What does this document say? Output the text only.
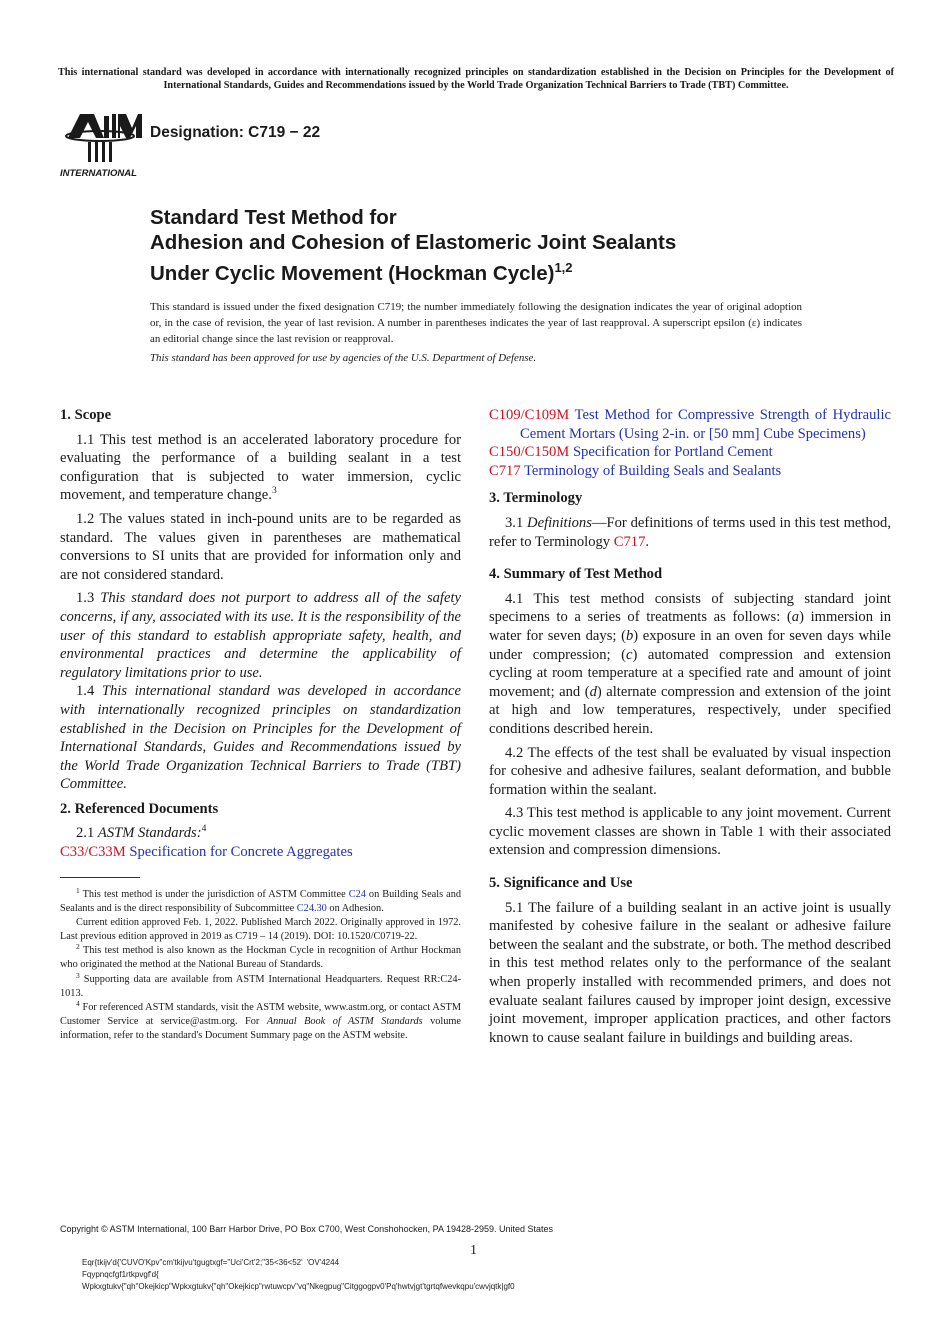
This international standard was developed in accordance with internationally recognized principles on standardization established in the Decision on Principles for the Development of International Standards, Guides and Recommendations issued by the World Trade Organization Technical Barriers to Trade (TBT) Committee.
INTERNATIONAL
Designation: C719 − 22
Standard Test Method for
Adhesion and Cohesion of Elastomeric Joint Sealants
Under Cyclic Movement (Hockman Cycle)$^{1,2}$
This standard is issued under the fixed designation C719; the number immediately following the designation indicates the year of original adoption or, in the case of revision, the year of last revision. A number in parentheses indicates the year of last reapproval. A superscript epsilon (ε) indicates an editorial change since the last revision or reapproval.
This standard has been approved for use by agencies of the U.S. Department of Defense.
1. Scope

1.1 This test method is an accelerated laboratory procedure for evaluating the performance of a building sealant in a test configuration that is subjected to water immersion, cyclic movement, and temperature change.$^3$

1.2 The values stated in inch-pound units are to be regarded as standard. The values given in parentheses are mathematical conversions to SI units that are provided for information only and are not considered standard.

1.3 This standard does not purport to address all of the safety concerns, if any, associated with its use. It is the responsibility of the user of this standard to establish appropriate safety, health, and environmental practices and determine the applicability of regulatory limitations prior to use.

1.4 This international standard was developed in accordance with internationally recognized principles on standardization established in the Decision on Principles for the Development of International Standards, Guides and Recommendations issued by the World Trade Organization Technical Barriers to Trade (TBT) Committee.

2. Referenced Documents

2.1 ASTM Standards:$^4$

C33/C33M Specification for Concrete Aggregates

$^1$ This test method is under the jurisdiction of ASTM Committee C24 on Building Seals and Sealants and is the direct responsibility of Subcommittee C24.30 on Adhesion.

Current edition approved Feb. 1, 2022. Published March 2022. Originally approved in 1972. Last previous edition approved in 2019 as C719 – 14 (2019). DOI: 10.1520/C0719-22.

$^2$ This test method is also known as the Hockman Cycle in recognition of Arthur Hockman who originated the method at the National Bureau of Standards.

$^3$ Supporting data are available from ASTM International Headquarters. Request RR:C24-1013.

$^4$ For referenced ASTM standards, visit the ASTM website, www.astm.org, or contact ASTM Customer Service at service@astm.org. For Annual Book of ASTM Standards volume information, refer to the standard's Document Summary page on the ASTM website.

C109/C109M Test Method for Compressive Strength of Hydraulic Cement Mortars (Using 2-in. or [50 mm] Cube Specimens)

C150/C150M Specification for Portland Cement

C717 Terminology of Building Seals and Sealants

3. Terminology

3.1 Definitions—For definitions of terms used in this test method, refer to Terminology C717.

4. Summary of Test Method

4.1 This test method consists of subjecting standard joint specimens to a series of treatments as follows: (a) immersion in water for seven days; (b) exposure in an oven for seven days while under compression; (c) automated compression and extension cycling at room temperature at a specified rate and amount of joint movement; and (d) alternate compression and extension of the joint at high and low temperatures, respectively, under specified conditions described herein.

4.2 The effects of the test shall be evaluated by visual inspection for cohesive and adhesive failures, sealant deformation, and bubble formation within the sealant.

4.3 This test method is applicable to any joint movement. Current cyclic movement classes are shown in Table 1 with their associated extension and compression dimensions.

5. Significance and Use

5.1 The failure of a building sealant in an active joint is usually manifested by cohesive failure in the sealant or adhesive failure between the sealant and the substrate, or both. The method described in this test method relates only to the performance of the sealant when properly installed with recommended primers, and does not evaluate sealant failures caused by improper joint design, excessive joint movement, improper application practices, and other factors known to cause sealant failure in buildings and building areas.

Copyright © ASTM International, 100 Barr Harbor Drive, PO Box C700, West Conshohocken, PA 19428-2959. United States
1
Eqr{tkijv'd{'CUVO'Kpv"cm'tkijvu'tgugtxgf="Uci'Crt'2;"35<36<52' 'OV'4244
Fqypnqcfgf1rtkpvgf'd{
Wpkxgtukv{"qh"Okejkicp"Wpkxgtukv{"qh"Okejkicp"rwtuwcpv"vq"Nkegpug"Citggogpv0'Pq'hwtvjgt'tgrtqfwevkqpu'cwvjqtk|gf0
